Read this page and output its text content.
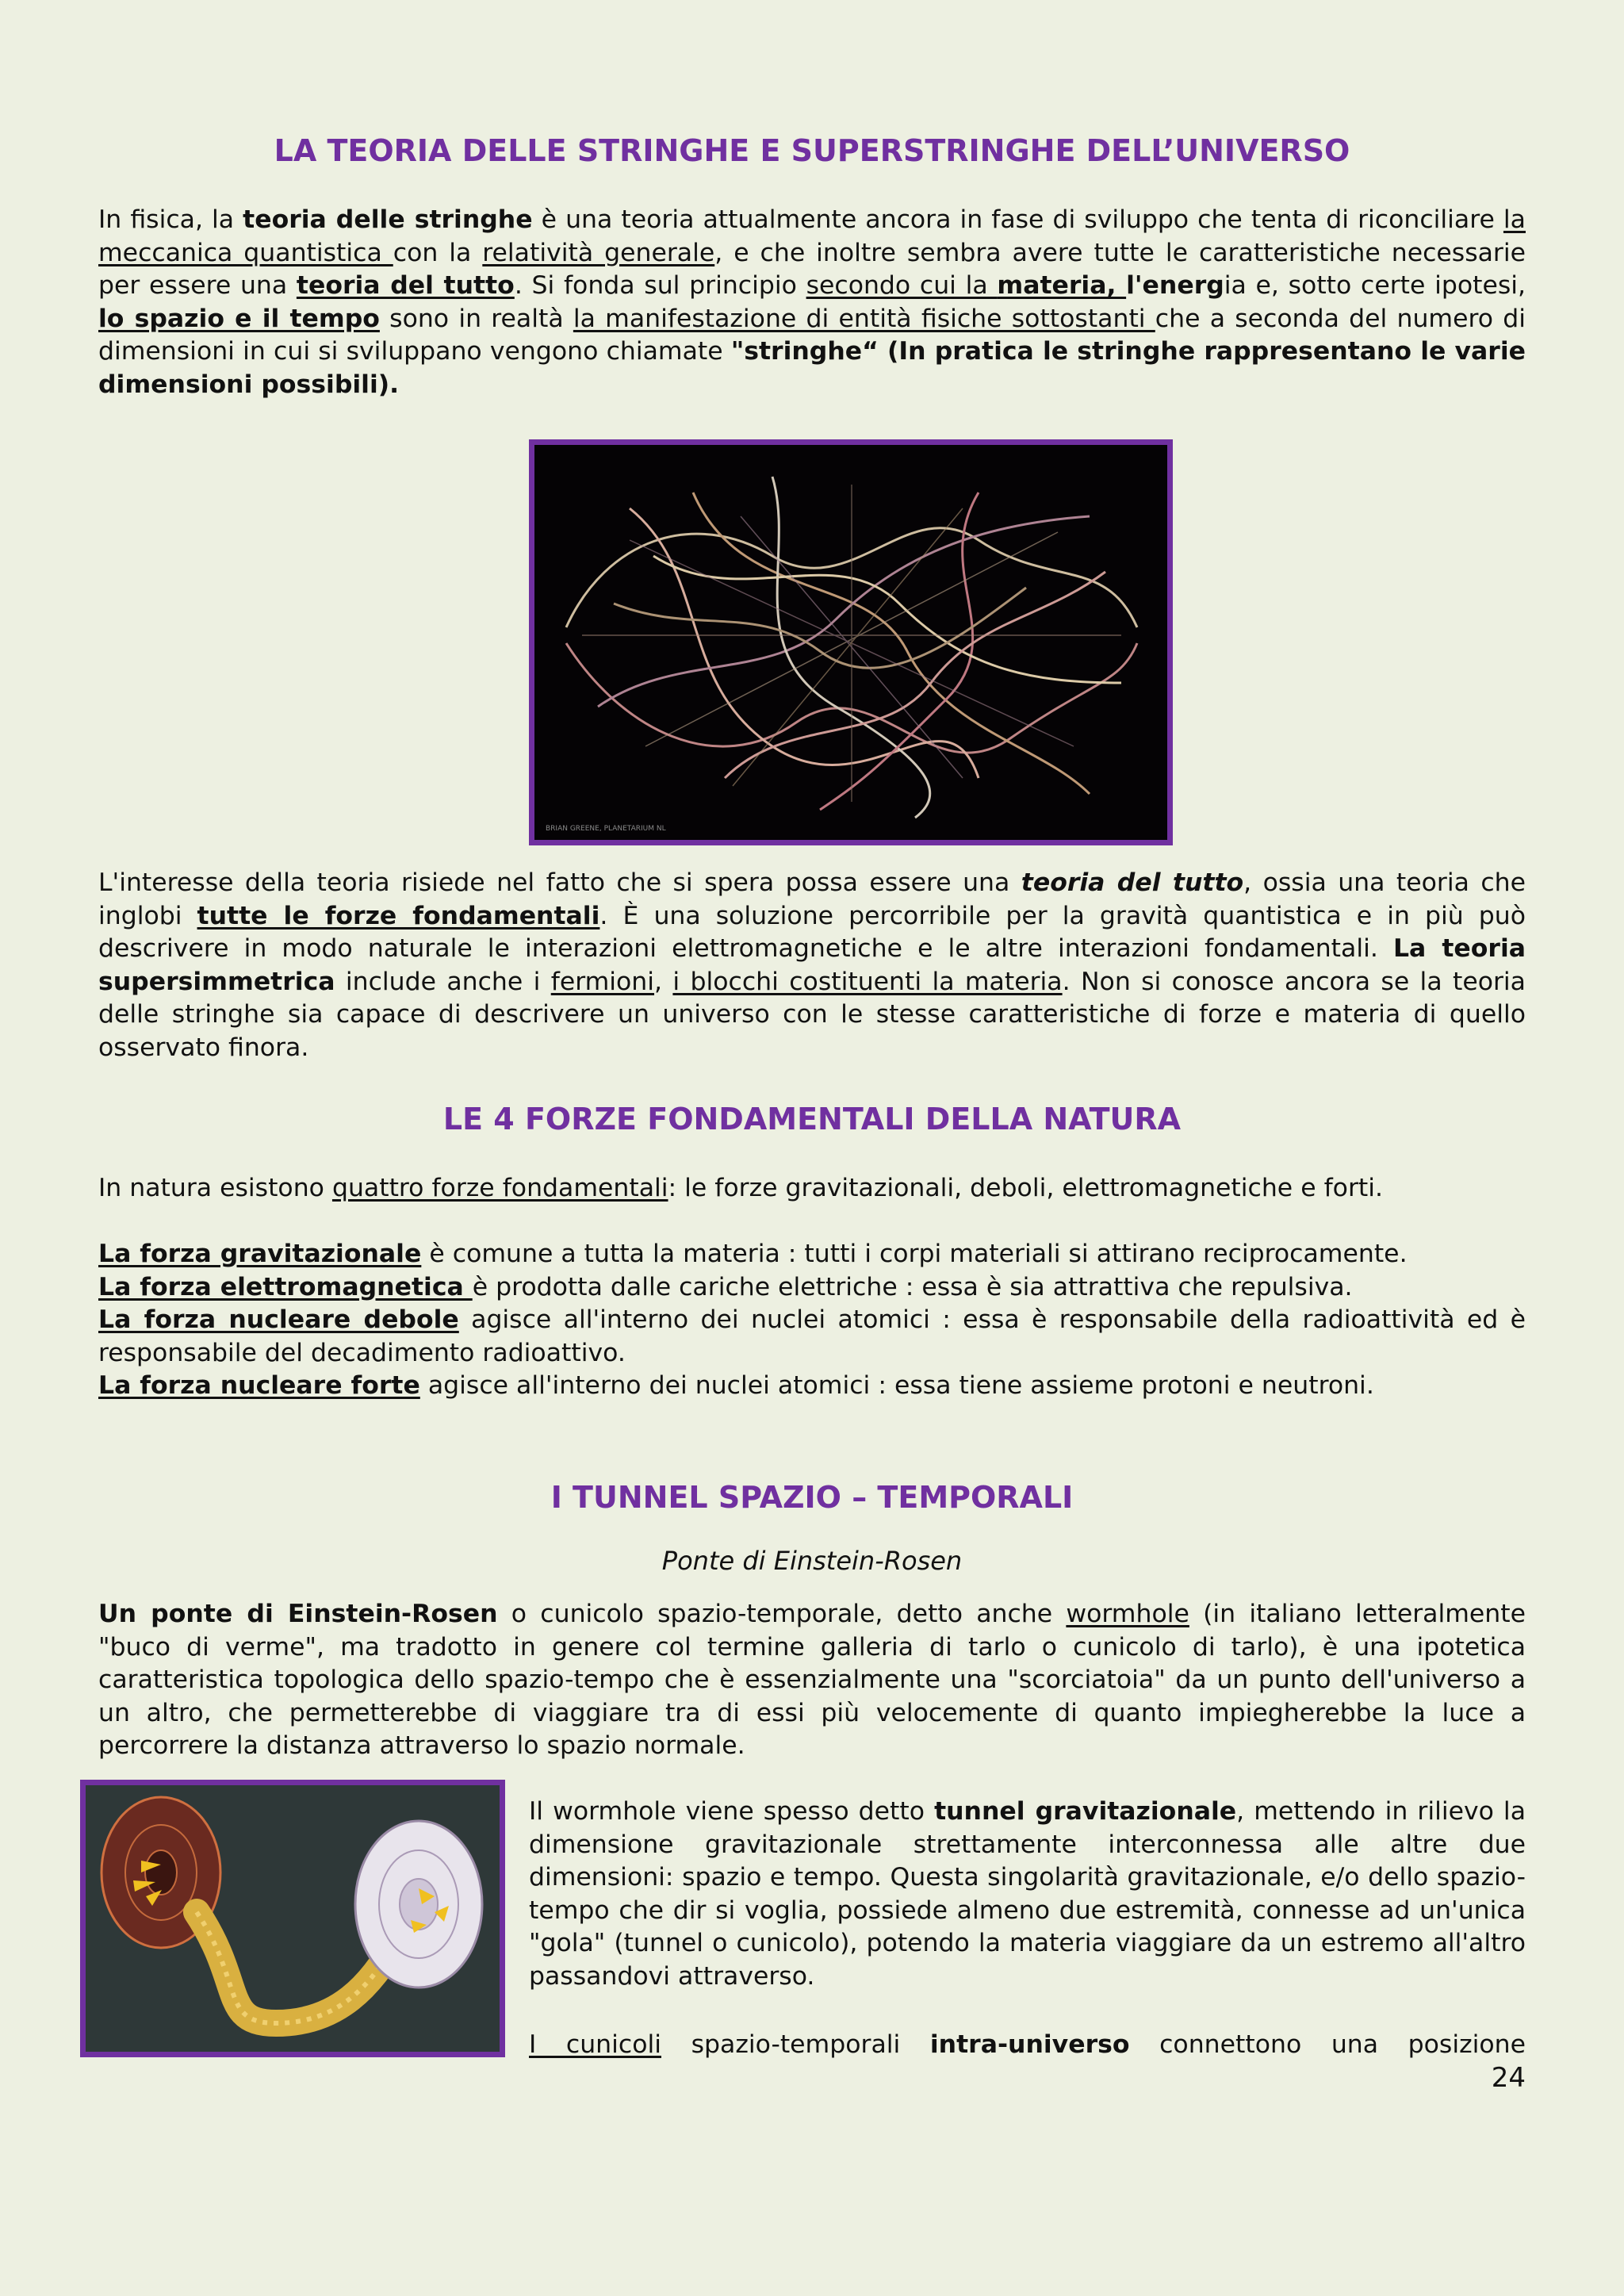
LA TEORIA DELLE STRINGHE E SUPERSTRINGHE DELL’UNIVERSO

In fisica, la teoria delle stringhe è una teoria attualmente ancora in fase di sviluppo che tenta di riconciliare la meccanica quantistica con la relatività generale, e che inoltre sembra avere tutte le caratteristiche necessarie per essere una teoria del tutto. Si fonda sul principio secondo cui la materia, l'energia e, sotto certe ipotesi, lo spazio e il tempo sono in realtà la manifestazione di entità fisiche sottostanti che a seconda del numero di dimensioni in cui si sviluppano vengono chiamate "stringhe“ (In pratica le stringhe rappresentano le varie dimensioni possibili).

BRIAN GREENE, PLANETARIUM NL

L'interesse della teoria risiede nel fatto che si spera possa essere una teoria del tutto, ossia una teoria che inglobi tutte le forze fondamentali. È una soluzione percorribile per la gravità quantistica e in più può descrivere in modo naturale le interazioni elettromagnetiche e le altre interazioni fondamentali. La teoria supersimmetrica include anche i fermioni, i blocchi costituenti la materia. Non si conosce ancora se la teoria delle stringhe sia capace di descrivere un universo con le stesse caratteristiche di forze e materia di quello osservato finora.

LE 4 FORZE FONDAMENTALI DELLA NATURA

In natura esistono quattro forze fondamentali: le forze gravitazionali, deboli, elettromagnetiche e forti.

La forza gravitazionale è comune a tutta la materia : tutti i corpi materiali si attirano reciprocamente.
La forza elettromagnetica è prodotta dalle cariche elettriche : essa è sia attrattiva che repulsiva.
La forza nucleare debole agisce all'interno dei nuclei atomici : essa è responsabile della radioattività ed è responsabile del decadimento radioattivo.
La forza nucleare forte agisce all'interno dei nuclei atomici : essa tiene assieme protoni e neutroni.

I TUNNEL SPAZIO – TEMPORALI

Ponte di Einstein-Rosen

Un ponte di Einstein-Rosen o cunicolo spazio-temporale, detto anche wormhole (in italiano letteralmente "buco di verme", ma tradotto in genere col termine galleria di tarlo o cunicolo di tarlo), è una ipotetica caratteristica topologica dello spazio-tempo che è essenzialmente una "scorciatoia" da un punto dell'universo a un altro, che permetterebbe di viaggiare tra di essi più velocemente di quanto impiegherebbe la luce a percorrere la distanza attraverso lo spazio normale.

Il wormhole viene spesso detto tunnel gravitazionale, mettendo in rilievo la dimensione gravitazionale strettamente interconnessa alle altre due dimensioni: spazio e tempo. Questa singolarità gravitazionale, e/o dello spazio-tempo che dir si voglia, possiede almeno due estremità, connesse ad un'unica "gola" (tunnel o cunicolo), potendo la materia viaggiare da un estremo all'altro passandovi attraverso.

I cunicoli spazio-temporali intra-universo connettono una posizione

24
